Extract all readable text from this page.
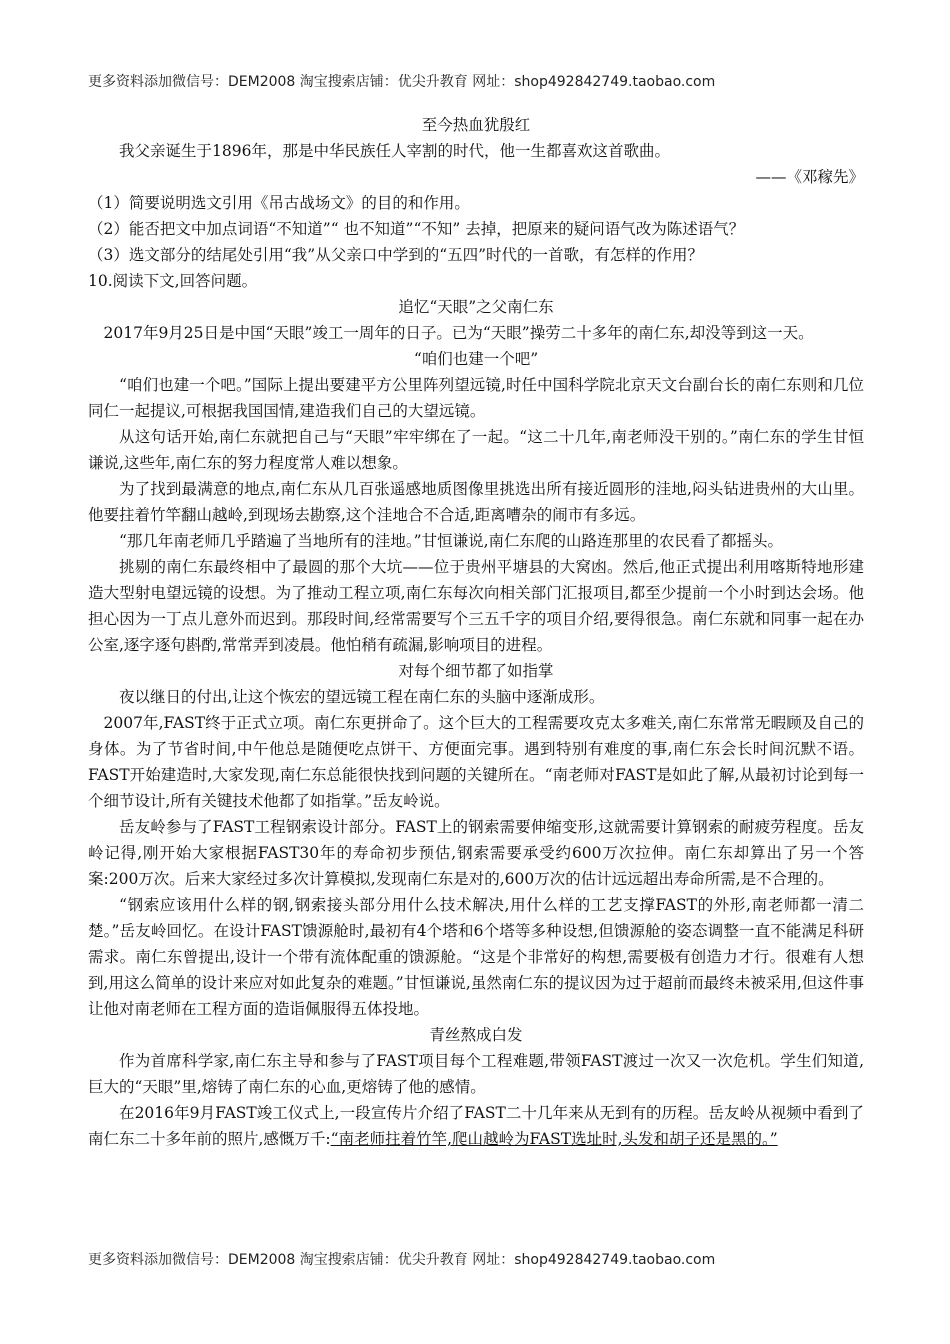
更多资料添加微信号：DEM2008 淘宝搜索店铺：优尖升教育 网址：shop492842749.taobao.com

至今热血犹殷红

我父亲诞生于1896年，那是中华民族任人宰割的时代，他一生都喜欢这首歌曲。

——《邓稼先》

（1）简要说明选文引用《吊古战场文》的目的和作用。

（2）能否把文中加点词语“不知道”“ 也不知道”“不知” 去掉，把原来的疑问语气改为陈述语气？

（3）选文部分的结尾处引用“我”从父亲口中学到的“五四”时代的一首歌，有怎样的作用？

10.阅读下文,回答问题。

追忆“天眼”之父南仁东

2017年9月25日是中国“天眼”竣工一周年的日子。已为“天眼”操劳二十多年的南仁东,却没等到这一天。

“咱们也建一个吧”

“咱们也建一个吧。”国际上提出要建平方公里阵列望远镜,时任中国科学院北京天文台副台长的南仁东则和几位同仁一起提议,可根据我国国情,建造我们自己的大望远镜。

从这句话开始,南仁东就把自己与“天眼”牢牢绑在了一起。“这二十几年,南老师没干别的。”南仁东的学生甘恒谦说,这些年,南仁东的努力程度常人难以想象。

为了找到最满意的地点,南仁东从几百张遥感地质图像里挑选出所有接近圆形的洼地,闷头钻进贵州的大山里。他要拄着竹竿翻山越岭,到现场去勘察,这个洼地合不合适,距离嘈杂的闹市有多远。

“那几年南老师几乎踏遍了当地所有的洼地。”甘恒谦说,南仁东爬的山路连那里的农民看了都摇头。

挑剔的南仁东最终相中了最圆的那个大坑——位于贵州平塘县的大窝凼。然后,他正式提出利用喀斯特地形建造大型射电望远镜的设想。为了推动工程立项,南仁东每次向相关部门汇报项目,都至少提前一个小时到达会场。他担心因为一丁点儿意外而迟到。那段时间,经常需要写个三五千字的项目介绍,要得很急。南仁东就和同事一起在办公室,逐字逐句斟酌,常常弄到凌晨。他怕稍有疏漏,影响项目的进程。

对每个细节都了如指掌

夜以继日的付出,让这个恢宏的望远镜工程在南仁东的头脑中逐渐成形。

2007年,FAST终于正式立项。南仁东更拼命了。这个巨大的工程需要攻克太多难关,南仁东常常无暇顾及自己的身体。为了节省时间,中午他总是随便吃点饼干、方便面完事。遇到特别有难度的事,南仁东会长时间沉默不语。FAST开始建造时,大家发现,南仁东总能很快找到问题的关键所在。“南老师对FAST是如此了解,从最初讨论到每一个细节设计,所有关键技术他都了如指掌。”岳友岭说。

岳友岭参与了FAST工程钢索设计部分。FAST上的钢索需要伸缩变形,这就需要计算钢索的耐疲劳程度。岳友岭记得,刚开始大家根据FAST30年的寿命初步预估,钢索需要承受约600万次拉伸。南仁东却算出了另一个答案:200万次。后来大家经过多次计算模拟,发现南仁东是对的,600万次的估计远远超出寿命所需,是不合理的。

“钢索应该用什么样的钢,钢索接头部分用什么技术解决,用什么样的工艺支撑FAST的外形,南老师都一清二楚。”岳友岭回忆。在设计FAST馈源舱时,最初有4个塔和6个塔等多种设想,但馈源舱的姿态调整一直不能满足科研需求。南仁东曾提出,设计一个带有流体配重的馈源舱。“这是个非常好的构想,需要极有创造力才行。很难有人想到,用这么简单的设计来应对如此复杂的难题。”甘恒谦说,虽然南仁东的提议因为过于超前而最终未被采用,但这件事让他对南老师在工程方面的造诣佩服得五体投地。

青丝熬成白发

作为首席科学家,南仁东主导和参与了FAST项目每个工程难题,带领FAST渡过一次又一次危机。学生们知道,巨大的“天眼”里,熔铸了南仁东的心血,更熔铸了他的感情。

在2016年9月FAST竣工仪式上,一段宣传片介绍了FAST二十几年来从无到有的历程。岳友岭从视频中看到了南仁东二十多年前的照片,感慨万千:“南老师拄着竹竿,爬山越岭为FAST选址时,头发和胡子还是黑的。”

更多资料添加微信号：DEM2008 淘宝搜索店铺：优尖升教育 网址：shop492842749.taobao.com
